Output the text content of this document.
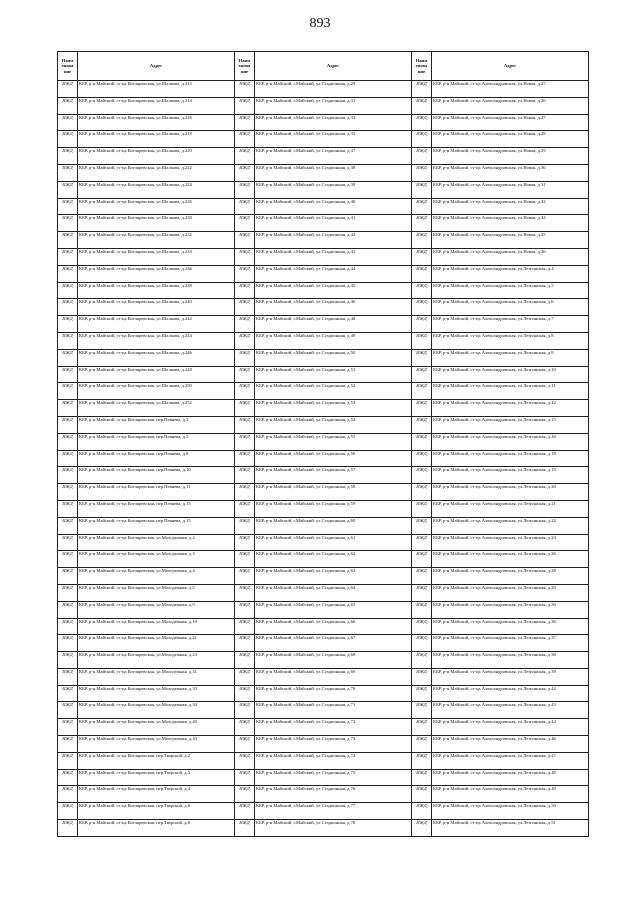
893
Наим енова ние	Адрес	Наим енова ние	Адрес	Наим енова ние	Адрес
ИЖД	КБР, р-н Майский, ст-ца Котляревская, ул.Шалкова, д.212	ИЖД	КБР, р-н Майский, г.Майский, ул.Стадионная, д.29	ИЖД	КБР, р-н Майский, ст-ца Александровская, ул.Новая, д.25
ИЖД	КБР, р-н Майский, ст-ца Котляревская, ул.Шалкова, д.214	ИЖД	КБР, р-н Майский, г.Майский, ул.Стадионная, д.31	ИЖД	КБР, р-н Майский, ст-ца Александровская, ул.Новая, д.26
ИЖД	КБР, р-н Майский, ст-ца Котляревская, ул.Шалкова, д.216	ИЖД	КБР, р-н Майский, г.Майский, ул.Стадионная, д.33	ИЖД	КБР, р-н Майский, ст-ца Александровская, ул.Новая, д.27
ИЖД	КБР, р-н Майский, ст-ца Котляревская, ул.Шалкова, д.218	ИЖД	КБР, р-н Майский, г.Майский, ул.Стадионная, д.35	ИЖД	КБР, р-н Майский, ст-ца Александровская, ул.Новая, д.28
ИЖД	КБР, р-н Майский, ст-ца Котляревская, ул.Шалкова, д.220	ИЖД	КБР, р-н Майский, г.Майский, ул.Стадионная, д.37	ИЖД	КБР, р-н Майский, ст-ца Александровская, ул.Новая, д.29
ИЖД	КБР, р-н Майский, ст-ца Котляревская, ул.Шалкова, д.222	ИЖД	КБР, р-н Майский, г.Майский, ул.Стадионная, д.38	ИЖД	КБР, р-н Майский, ст-ца Александровская, ул.Новая, д.30
ИЖД	КБР, р-н Майский, ст-ца Котляревская, ул.Шалкова, д.224	ИЖД	КБР, р-н Майский, г.Майский, ул.Стадионная, д.39	ИЖД	КБР, р-н Майский, ст-ца Александровская, ул.Новая, д.31
ИЖД	КБР, р-н Майский, ст-ца Котляревская, ул.Шалкова, д.226	ИЖД	КБР, р-н Майский, г.Майский, ул.Стадионная, д.40	ИЖД	КБР, р-н Майский, ст-ца Александровская, ул.Новая, д.32
ИЖД	КБР, р-н Майский, ст-ца Котляревская, ул.Шалкова, д.230	ИЖД	КБР, р-н Майский, г.Майский, ул.Стадионная, д.41	ИЖД	КБР, р-н Майский, ст-ца Александровская, ул.Новая, д.33
ИЖД	КБР, р-н Майский, ст-ца Котляревская, ул.Шалкова, д.232	ИЖД	КБР, р-н Майский, г.Майский, ул.Стадионная, д.42	ИЖД	КБР, р-н Майский, ст-ца Александровская, ул.Новая, д.35
ИЖД	КБР, р-н Майский, ст-ца Котляревская, ул.Шалкова, д.234	ИЖД	КБР, р-н Майский, г.Майский, ул.Стадионная, д.43	ИЖД	КБР, р-н Майский, ст-ца Александровская, ул.Новая, д.36
ИЖД	КБР, р-н Майский, ст-ца Котляревская, ул.Шалкова, д.236	ИЖД	КБР, р-н Майский, г.Майский, ул.Стадионная, д.44	ИЖД	КБР, р-н Майский, ст-ца Александровская, ул.Лезгинская, д.4
ИЖД	КБР, р-н Майский, ст-ца Котляревская, ул.Шалкова, д.238	ИЖД	КБР, р-н Майский, г.Майский, ул.Стадионная, д.45	ИЖД	КБР, р-н Майский, ст-ца Александровская, ул.Лезгинская, д.5
ИЖД	КБР, р-н Майский, ст-ца Котляревская, ул.Шалкова, д.240	ИЖД	КБР, р-н Майский, г.Майский, ул.Стадионная, д.46	ИЖД	КБР, р-н Майский, ст-ца Александровская, ул.Лезгинская, д.6
ИЖД	КБР, р-н Майский, ст-ца Котляревская, ул.Шалкова, д.242	ИЖД	КБР, р-н Майский, г.Майский, ул.Стадионная, д.48	ИЖД	КБР, р-н Майский, ст-ца Александровская, ул.Лезгинская, д.7
ИЖД	КБР, р-н Майский, ст-ца Котляревская, ул.Шалкова, д.244	ИЖД	КБР, р-н Майский, г.Майский, ул.Стадионная, д.49	ИЖД	КБР, р-н Майский, ст-ца Александровская, ул.Лезгинская, д.8
ИЖД	КБР, р-н Майский, ст-ца Котляревская, ул.Шалкова, д.246	ИЖД	КБР, р-н Майский, г.Майский, ул.Стадионная, д.50	ИЖД	КБР, р-н Майский, ст-ца Александровская, ул.Лезгинская, д.9
ИЖД	КБР, р-н Майский, ст-ца Котляревская, ул.Шалкова, д.248	ИЖД	КБР, р-н Майский, г.Майский, ул.Стадионная, д.51	ИЖД	КБР, р-н Майский, ст-ца Александровская, ул.Лезгинская, д.10
ИЖД	КБР, р-н Майский, ст-ца Котляревская, ул.Шалкова, д.250	ИЖД	КБР, р-н Майский, г.Майский, ул.Стадионная, д.52	ИЖД	КБР, р-н Майский, ст-ца Александровская, ул.Лезгинская, д.11
ИЖД	КБР, р-н Майский, ст-ца Котляревская, ул.Шалкова, д.252	ИЖД	КБР, р-н Майский, г.Майский, ул.Стадионная, д.53	ИЖД	КБР, р-н Майский, ст-ца Александровская, ул.Лезгинская, д.12
ИЖД	КБР, р-н Майский, ст-ца Котляревская, пер.Певнева, д.3	ИЖД	КБР, р-н Майский, г.Майский, ул.Стадионная, д.54	ИЖД	КБР, р-н Майский, ст-ца Александровская, ул.Лезгинская, д.15
ИЖД	КБР, р-н Майский, ст-ца Котляревская, пер.Певнева, д.5	ИЖД	КБР, р-н Майский, г.Майский, ул.Стадионная, д.55	ИЖД	КБР, р-н Майский, ст-ца Александровская, ул.Лезгинская, д.16
ИЖД	КБР, р-н Майский, ст-ца Котляревская, пер.Певнева, д.8	ИЖД	КБР, р-н Майский, г.Майский, ул.Стадионная, д.56	ИЖД	КБР, р-н Майский, ст-ца Александровская, ул.Лезгинская, д.18
ИЖД	КБР, р-н Майский, ст-ца Котляревская, пер.Певнева, д.10	ИЖД	КБР, р-н Майский, г.Майский, ул.Стадионная, д.57	ИЖД	КБР, р-н Майский, ст-ца Александровская, ул.Лезгинская, д.19
ИЖД	КБР, р-н Майский, ст-ца Котляревская, пер.Певнева, д.11	ИЖД	КБР, р-н Майский, г.Майский, ул.Стадионная, д.58	ИЖД	КБР, р-н Майский, ст-ца Александровская, ул.Лезгинская, д.20
ИЖД	КБР, р-н Майский, ст-ца Котляревская, пер.Певнева, д.13	ИЖД	КБР, р-н Майский, г.Майский, ул.Стадионная, д.59	ИЖД	КБР, р-н Майский, ст-ца Александровская, ул.Лезгинская, д.21
ИЖД	КБР, р-н Майский, ст-ца Котляревская, пер.Певнева, д.15	ИЖД	КБР, р-н Майский, г.Майский, ул.Стадионная, д.60	ИЖД	КБР, р-н Майский, ст-ца Александровская, ул.Лезгинская, д.22
ИЖД	КБР, р-н Майский, ст-ца Котляревская, ул.Молодежная, д.2	ИЖД	КБР, р-н Майский, г.Майский, ул.Стадионная, д.61	ИЖД	КБР, р-н Майский, ст-ца Александровская, ул.Лезгинская, д.23
ИЖД	КБР, р-н Майский, ст-ца Котляревская, ул.Молодежная, д.3	ИЖД	КБР, р-н Майский, г.Майский, ул.Стадионная, д.62	ИЖД	КБР, р-н Майский, ст-ца Александровская, ул.Лезгинская, д.26
ИЖД	КБР, р-н Майский, ст-ца Котляревская, ул.Молодежная, д.4	ИЖД	КБР, р-н Майский, г.Майский, ул.Стадионная, д.63	ИЖД	КБР, р-н Майский, ст-ца Александровская, ул.Лезгинская, д.28
ИЖД	КБР, р-н Майский, ст-ца Котляревская, ул.Молодежная, д.5	ИЖД	КБР, р-н Майский, г.Майский, ул.Стадионная, д.64	ИЖД	КБР, р-н Майский, ст-ца Александровская, ул.Лезгинская, д.29
ИЖД	КБР, р-н Майский, ст-ца Котляревская, ул.Молодежная, д.9	ИЖД	КБР, р-н Майский, г.Майский, ул.Стадионная, д.65	ИЖД	КБР, р-н Майский, ст-ца Александровская, ул.Лезгинская, д.30
ИЖД	КБР, р-н Майский, ст-ца Котляревская, ул.Молодежная, д.10	ИЖД	КБР, р-н Майский, г.Майский, ул.Стадионная, д.66	ИЖД	КБР, р-н Майский, ст-ца Александровская, ул.Лезгинская, д.36
ИЖД	КБР, р-н Майский, ст-ца Котляревская, ул.Молодежная, д.21	ИЖД	КБР, р-н Майский, г.Майский, ул.Стадионная, д.67	ИЖД	КБР, р-н Майский, ст-ца Александровская, ул.Лезгинская, д.37
ИЖД	КБР, р-н Майский, ст-ца Котляревская, ул.Молодежная, д.23	ИЖД	КБР, р-н Майский, г.Майский, ул.Стадионная, д.68	ИЖД	КБР, р-н Майский, ст-ца Александровская, ул.Лезгинская, д.38
ИЖД	КБР, р-н Майский, ст-ца Котляревская, ул.Молодежная, д.31	ИЖД	КБР, р-н Майский, г.Майский, ул.Стадионная, д.69	ИЖД	КБР, р-н Майский, ст-ца Александровская, ул.Лезгинская, д.39
ИЖД	КБР, р-н Майский, ст-ца Котляревская, ул.Молодежная, д.33	ИЖД	КБР, р-н Майский, г.Майский, ул.Стадионная, д.70	ИЖД	КБР, р-н Майский, ст-ца Александровская, ул.Лезгинская, д.42
ИЖД	КБР, р-н Майский, ст-ца Котляревская, ул.Молодежная, д.34	ИЖД	КБР, р-н Майский, г.Майский, ул.Стадионная, д.71	ИЖД	КБР, р-н Майский, ст-ца Александровская, ул.Лезгинская, д.43
ИЖД	КБР, р-н Майский, ст-ца Котляревская, ул.Молодежная, д.40	ИЖД	КБР, р-н Майский, г.Майский, ул.Стадионная, д.72	ИЖД	КБР, р-н Майский, ст-ца Александровская, ул.Лезгинская, д.44
ИЖД	КБР, р-н Майский, ст-ца Котляревская, ул.Молодежная, д.43	ИЖД	КБР, р-н Майский, г.Майский, ул.Стадионная, д.73	ИЖД	КБР, р-н Майский, ст-ца Александровская, ул.Лезгинская, д.46
ИЖД	КБР, р-н Майский, ст-ца Котляревская, пер.Тверской, д.2	ИЖД	КБР, р-н Майский, г.Майский, ул.Стадионная, д.74	ИЖД	КБР, р-н Майский, ст-ца Александровская, ул.Лезгинская, д.47
ИЖД	КБР, р-н Майский, ст-ца Котляревская, пер.Тверской, д.3	ИЖД	КБР, р-н Майский, г.Майский, ул.Стадионная, д.75	ИЖД	КБР, р-н Майский, ст-ца Александровская, ул.Лезгинская, д.48
ИЖД	КБР, р-н Майский, ст-ца Котляревская, пер.Тверской, д.4	ИЖД	КБР, р-н Майский, г.Майский, ул.Стадионная, д.76	ИЖД	КБР, р-н Майский, ст-ца Александровская, ул.Лезгинская, д.49
ИЖД	КБР, р-н Майский, ст-ца Котляревская, пер.Тверской, д.6	ИЖД	КБР, р-н Майский, г.Майский, ул.Стадионная, д.77	ИЖД	КБР, р-н Майский, ст-ца Александровская, ул.Лезгинская, д.50
ИЖД	КБР, р-н Майский, ст-ца Котляревская, пер.Тверской, д.8	ИЖД	КБР, р-н Майский, г.Майский, ул.Стадионная, д.78	ИЖД	КБР, р-н Майский, ст-ца Александровская, ул.Лезгинская, д.51
